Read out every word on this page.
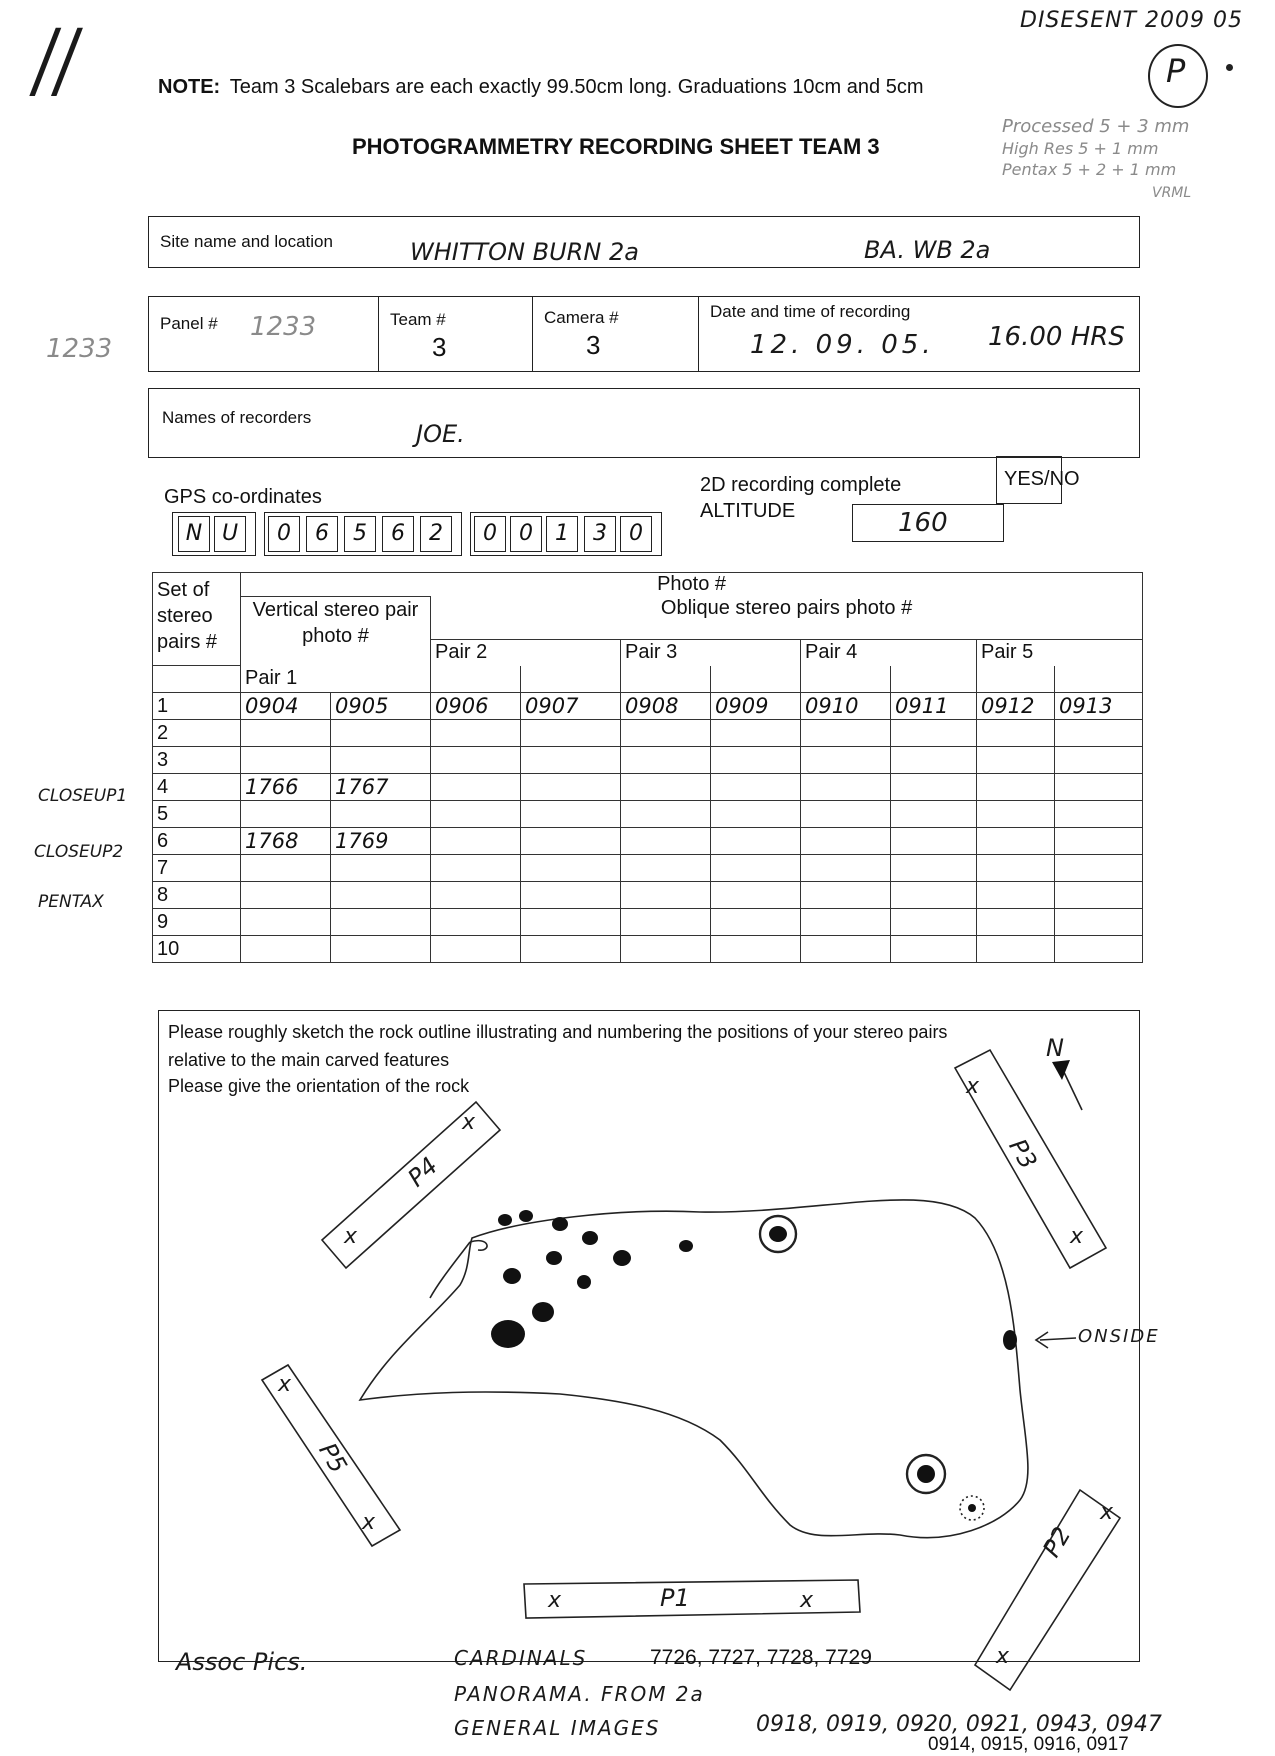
DISESENT 2009 05
P
//	NOTE: Team 3 Scalebars are each exactly 99.50cm long. Graduations 10cm and 5cm
PHOTOGRAMMETRY RECORDING SHEET TEAM 3
Processed 5 + 3 mm
High Res 5 + 1 mm
Pentax 5 + 2 + 1 mm
VRML
Site name and location	WHITTON BURN 2a	BA. WB 2a
Panel # 1233
1233
Team #
3
Camera #
3
Date and time of recording
12. 09. 05. 16.00 HRS
Names of recorders
JOE.
GPS co-ordinates
N U	0	6	5	6	2	0	0	1	3	0
2D recording complete	YES/NO
ALTITUDE	160
Set of stereo pairs #	Photo #									
	Vertical stereo pair photo #		Oblique stereo pairs photo #							
			Pair 2		Pair 3		Pair 4		Pair 5	
	Pair 1									
1	0904	0905	0906	0907	0908	0909	0910	0911	0912	0913
2										
3										
4	1766	1767								
5										
6	1768	1769								
7										
8										
9										
10										
CLOSEUP1
CLOSEUP2
PENTAX
Please roughly sketch the rock outline illustrating and numbering the positions of your stereo pairs
relative to the main carved features
Please give the orientation of the rock
N
ONSIDE
P1
P2
P3
P4
P5
x	x
x
x
x
x
x
x
x
x
Assoc Pics.	CARDINALS	7726, 7727, 7728, 7729
PANORAMA. FROM 2a
GENERAL IMAGES	0918, 0919, 0920, 0921, 0943, 0947
0914, 0915, 0916, 0917
